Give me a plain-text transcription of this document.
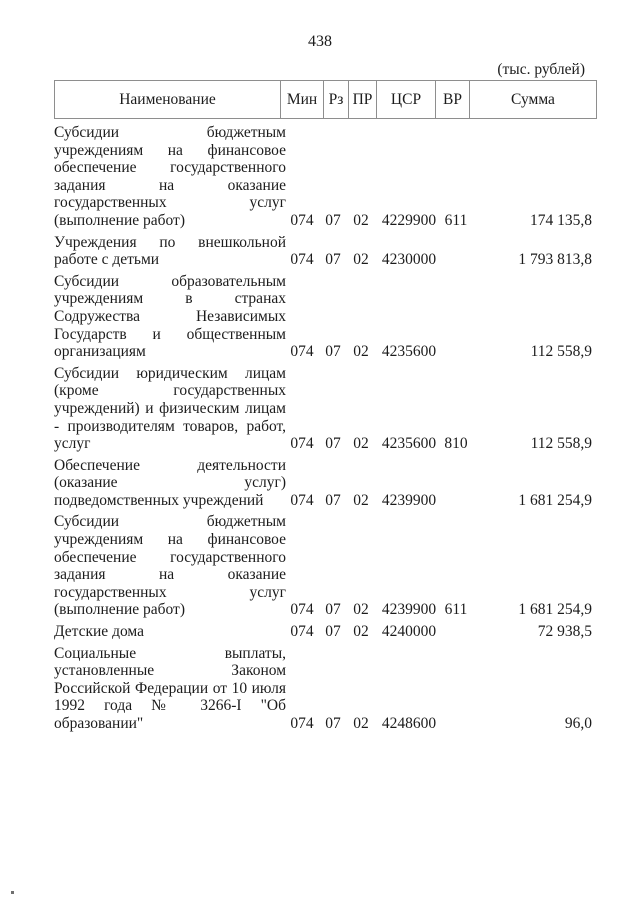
438
(тыс. рублей)
Наименование	Мин Рз ПР	ЦСР	ВР	Сумма
Субсидии бюджетным учреждениям на финансовое обеспечение государственного задания на оказание государственных услуг (выполнение работ)	074 07 02 4229900 611	174 135,8
Учреждения по внешкольной работе с детьми	074 07 02 4230000	1 793 813,8
Субсидии образовательным учреждениям в странах Содружества Независимых Государств и общественным организациям	074 07 02 4235600	112 558,9
Субсидии юридическим лицам (кроме государственных учреждений) и физическим лицам - производителям товаров, работ, услуг	074 07 02 4235600 810	112 558,9
Обеспечение деятельности (оказание услуг) подведомственных учреждений	074 07 02 4239900	1 681 254,9
Субсидии бюджетным учреждениям на финансовое обеспечение государственного задания на оказание государственных услуг (выполнение работ)	074 07 02 4239900 611	1 681 254,9
Детские дома	074 07 02 4240000	72 938,5
Социальные выплаты, установленные Законом Российской Федерации от 10 июля 1992 года № 3266-I "Об образовании"	074 07 02 4248600	96,0
